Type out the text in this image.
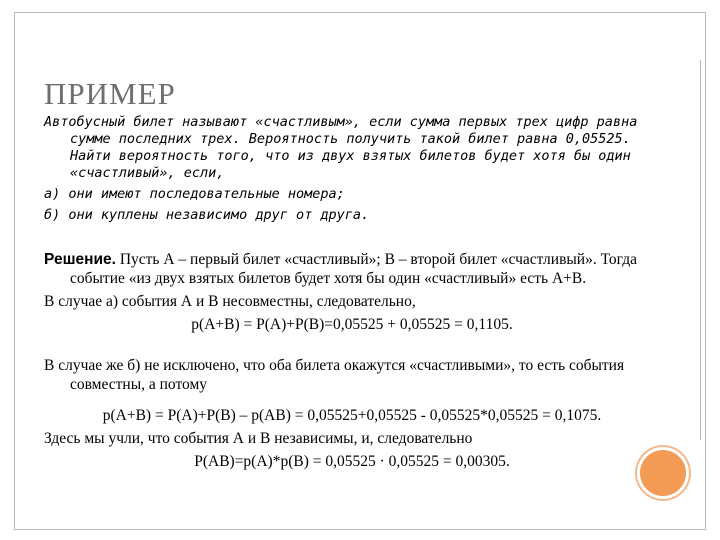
ПРИМЕР

Автобусный билет называют «счастливым», если сумма первых трех цифр равна сумме последних трех. Вероятность получить такой билет равна 0,05525. Найти вероятность того, что из двух взятых билетов будет хотя бы один «счастливый», если,

а) они имеют последовательные номера;

б) они куплены независимо друг от друга.

Решение. Пусть А – первый билет «счастливый»; В – второй билет «счастливый». Тогда событие «из двух взятых билетов будет хотя бы один «счастливый» есть А+В.

В случае а) события А и В несовместны, следовательно,

р(А+В) = Р(А)+Р(В)=0,05525 + 0,05525 = 0,1105.

В случае же б) не исключено, что оба билета окажутся «счастливыми», то есть события совместны, а потому

р(А+В) = Р(А)+Р(В) – р(АВ) = 0,05525+0,05525 - 0,05525*0,05525 = 0,1075.

Здесь мы учли, что события А и В независимы, и, следовательно

Р(АВ)=р(А)*р(В) = 0,05525 · 0,05525 = 0,00305.
